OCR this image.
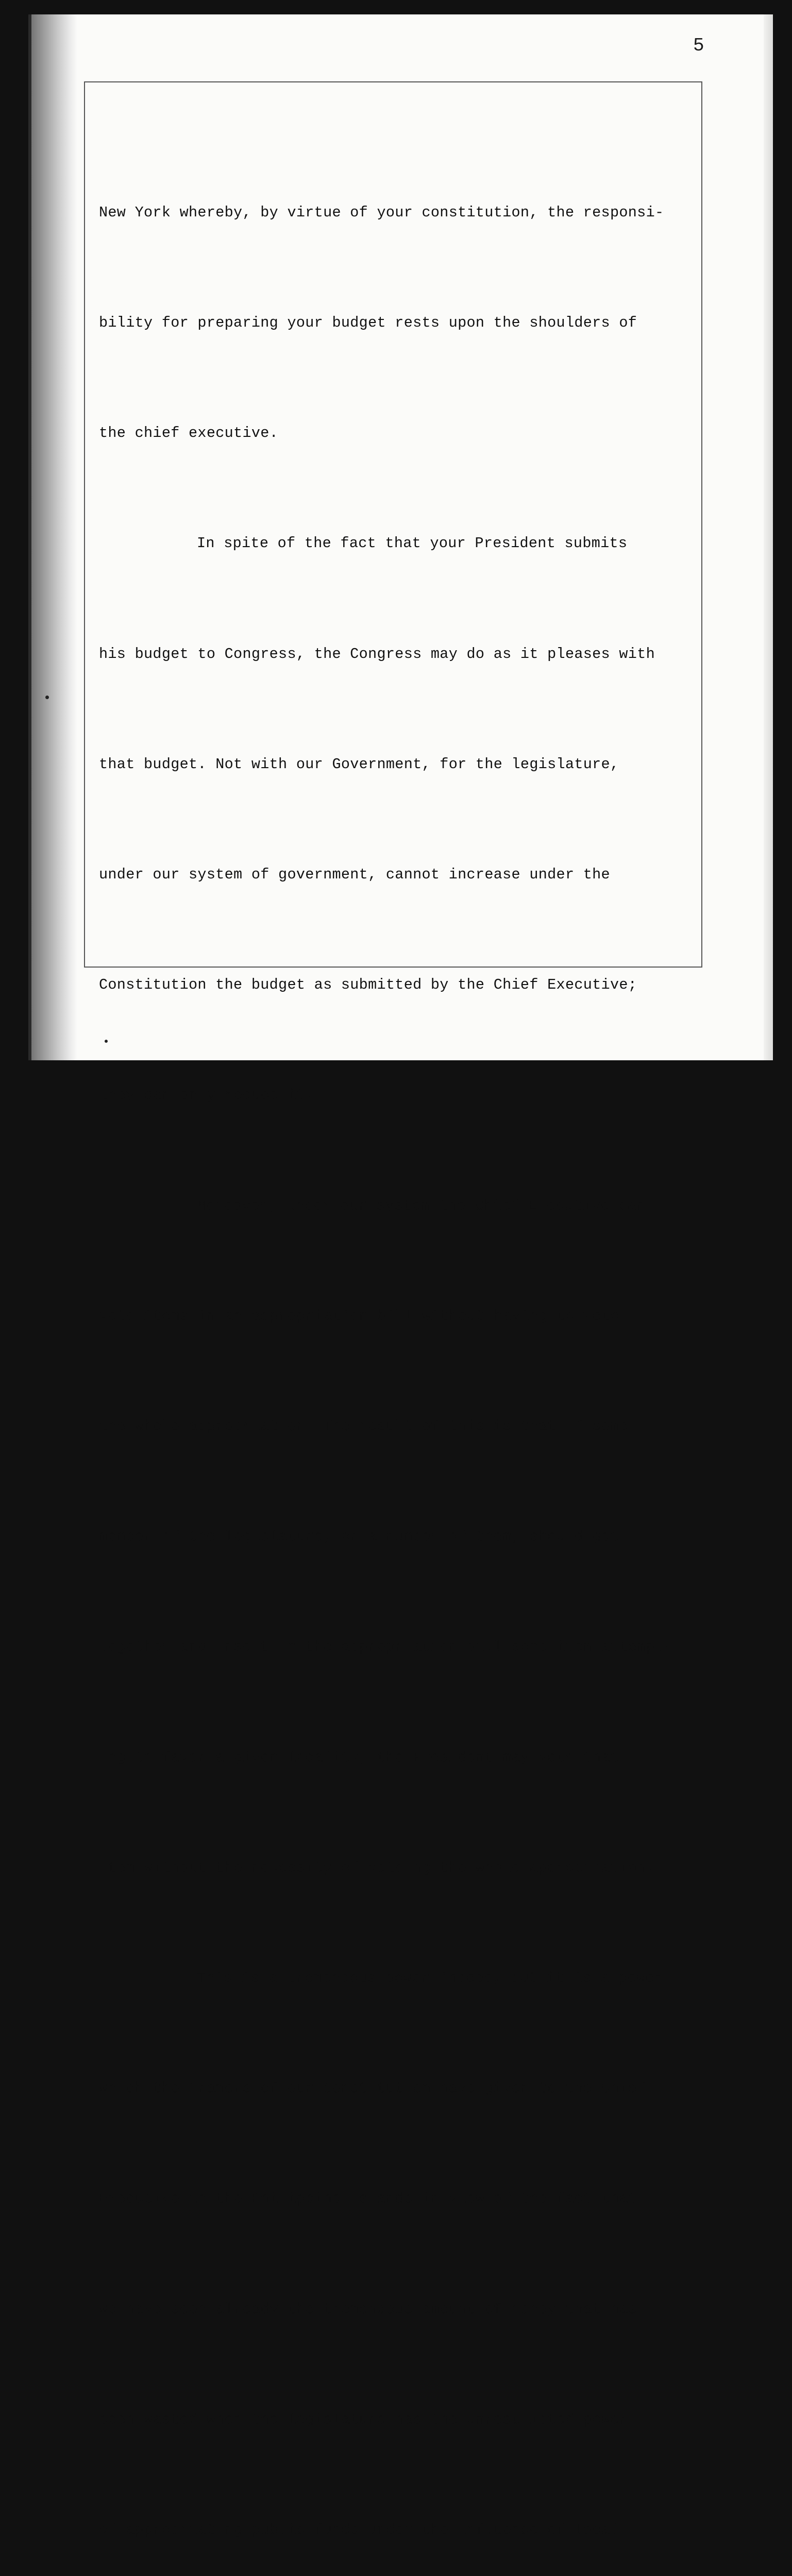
5

New York whereby, by virtue of your constitution, the responsi-

bility for preparing your budget rests upon the shoulders of

the chief executive.

In spite of the fact that your President submits

his budget to Congress, the Congress may do as it pleases with

that budget. Not with our Government, for the legislature,

under our system of government, cannot increase under the

Constitution the budget as submitted by the Chief Executive;

they can only reduce it.

Moreover, under our system the Chief Executive can

veto items in an appropriation bill without having to veto

the whole appropriation. The result of this is that if some

member of the legislature, or a number of them, should get

together and insert in the appropriation bill some item attempt-

ing to favor a given locality, the President may veto that

item without the necessity of vetoing the whole appropriation.

This is a tremendous power indeed, but it is a power

which the framers of our Constitution have given to the Chief

Executive in the Philippine Islands in view of the fact that

we have seen already the tremendous amount of money that has

been wasted when the legislature has the unrestricted power

of appropriating public funds under the influence of local
